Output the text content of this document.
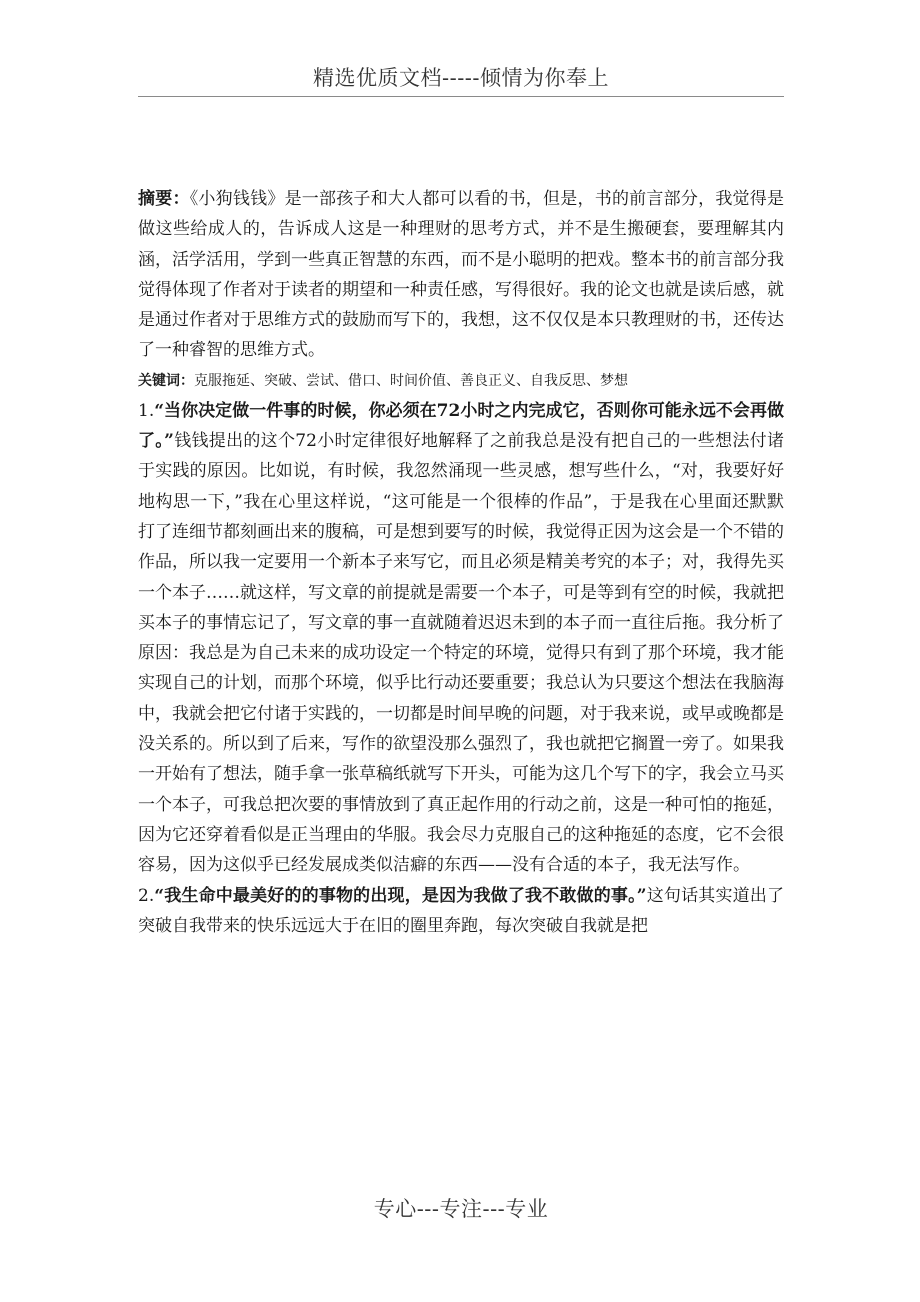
精选优质文档-----倾情为你奉上

摘要：《小狗钱钱》是一部孩子和大人都可以看的书，但是，书的前言部分，我觉得是做这些给成人的，告诉成人这是一种理财的思考方式，并不是生搬硬套，要理解其内涵，活学活用，学到一些真正智慧的东西，而不是小聪明的把戏。整本书的前言部分我觉得体现了作者对于读者的期望和一种责任感，写得很好。我的论文也就是读后感，就是通过作者对于思维方式的鼓励而写下的，我想，这不仅仅是本只教理财的书，还传达了一种睿智的思维方式。

关键词：克服拖延、突破、尝试、借口、时间价值、善良正义、自我反思、梦想

1.“当你决定做一件事的时候，你必须在72小时之内完成它，否则你可能永远不会再做了。”钱钱提出的这个72小时定律很好地解释了之前我总是没有把自己的一些想法付诸于实践的原因。比如说，有时候，我忽然涌现一些灵感，想写些什么，“对，我要好好地构思一下，”我在心里这样说，“这可能是一个很棒的作品”，于是我在心里面还默默打了连细节都刻画出来的腹稿，可是想到要写的时候，我觉得正因为这会是一个不错的作品，所以我一定要用一个新本子来写它，而且必须是精美考究的本子；对，我得先买一个本子……就这样，写文章的前提就是需要一个本子，可是等到有空的时候，我就把买本子的事情忘记了，写文章的事一直就随着迟迟未到的本子而一直往后拖。我分析了原因：我总是为自己未来的成功设定一个特定的环境，觉得只有到了那个环境，我才能实现自己的计划，而那个环境，似乎比行动还要重要；我总认为只要这个想法在我脑海中，我就会把它付诸于实践的，一切都是时间早晚的问题，对于我来说，或早或晚都是没关系的。所以到了后来，写作的欲望没那么强烈了，我也就把它搁置一旁了。如果我一开始有了想法，随手拿一张草稿纸就写下开头，可能为这几个写下的字，我会立马买一个本子，可我总把次要的事情放到了真正起作用的行动之前，这是一种可怕的拖延，因为它还穿着看似是正当理由的华服。我会尽力克服自己的这种拖延的态度，它不会很容易，因为这似乎已经发展成类似洁癖的东西——没有合适的本子，我无法写作。

2.“我生命中最美好的的事物的出现，是因为我做了我不敢做的事。”这句话其实道出了突破自我带来的快乐远远大于在旧的圈里奔跑，每次突破自我就是把

专心---专注---专业
